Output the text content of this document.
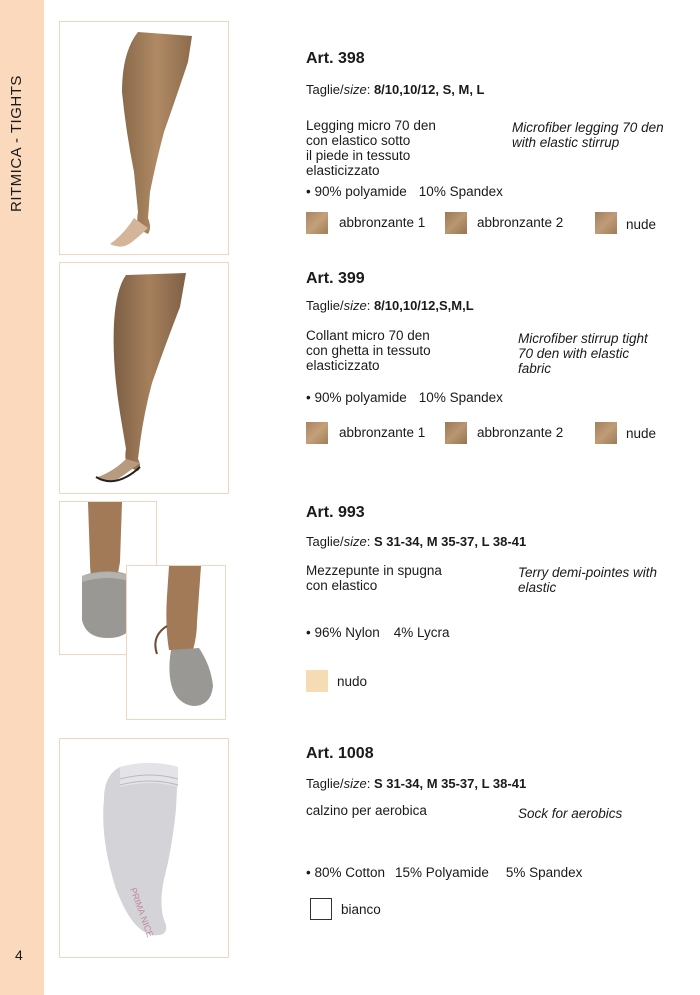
RITMICA - TIGHTS
4
PRIMA NICE
Art. 398
Taglie/size: 8/10,10/12, S, M, L
Legging micro 70 den
con elastico sotto
il piede in tessuto
elasticizzato
Microfiber legging 70 den
with elastic stirrup
• 90% polyamide 10% Spandex
abbronzante 1	abbronzante 2	nude
Art. 399
Taglie/size: 8/10,10/12,S,M,L
Collant micro 70 den
con ghetta in tessuto
elasticizzato
Microfiber stirrup tight
70 den with elastic
fabric
• 90% polyamide 10% Spandex
abbronzante 1	abbronzante 2	nude
Art. 993
Taglie/size: S 31-34, M 35-37, L 38-41
Mezzepunte in spugna
con elastico
Terry demi-pointes with
elastic
• 96% Nylon 4% Lycra
nudo
Art. 1008
Taglie/size: S 31-34, M 35-37, L 38-41
calzino per aerobica	Sock for aerobics
• 80% Cotton 15% Polyamide 5% Spandex
bianco
